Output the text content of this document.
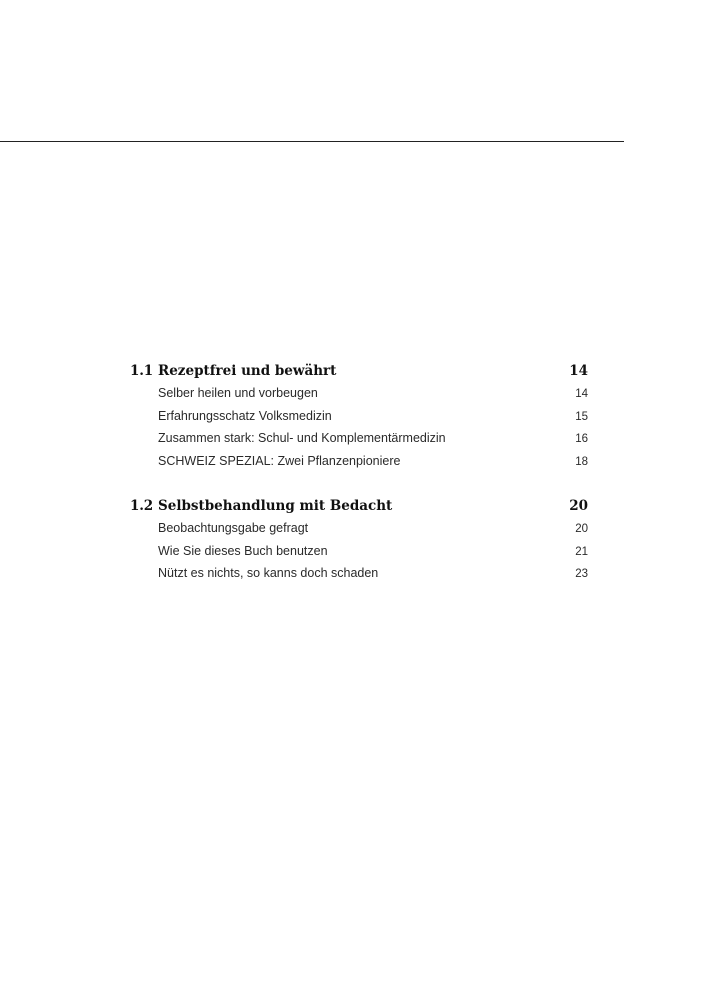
1.1 Rezeptfrei und bewährt	14
Selber heilen und vorbeugen	14
Erfahrungsschatz Volksmedizin	15
Zusammen stark: Schul- und Komplementärmedizin	16
SCHWEIZ SPEZIAL: Zwei Pflanzenpioniere	18
1.2 Selbstbehandlung mit Bedacht	20
Beobachtungsgabe gefragt	20
Wie Sie dieses Buch benutzen	21
Nützt es nichts, so kanns doch schaden	23
